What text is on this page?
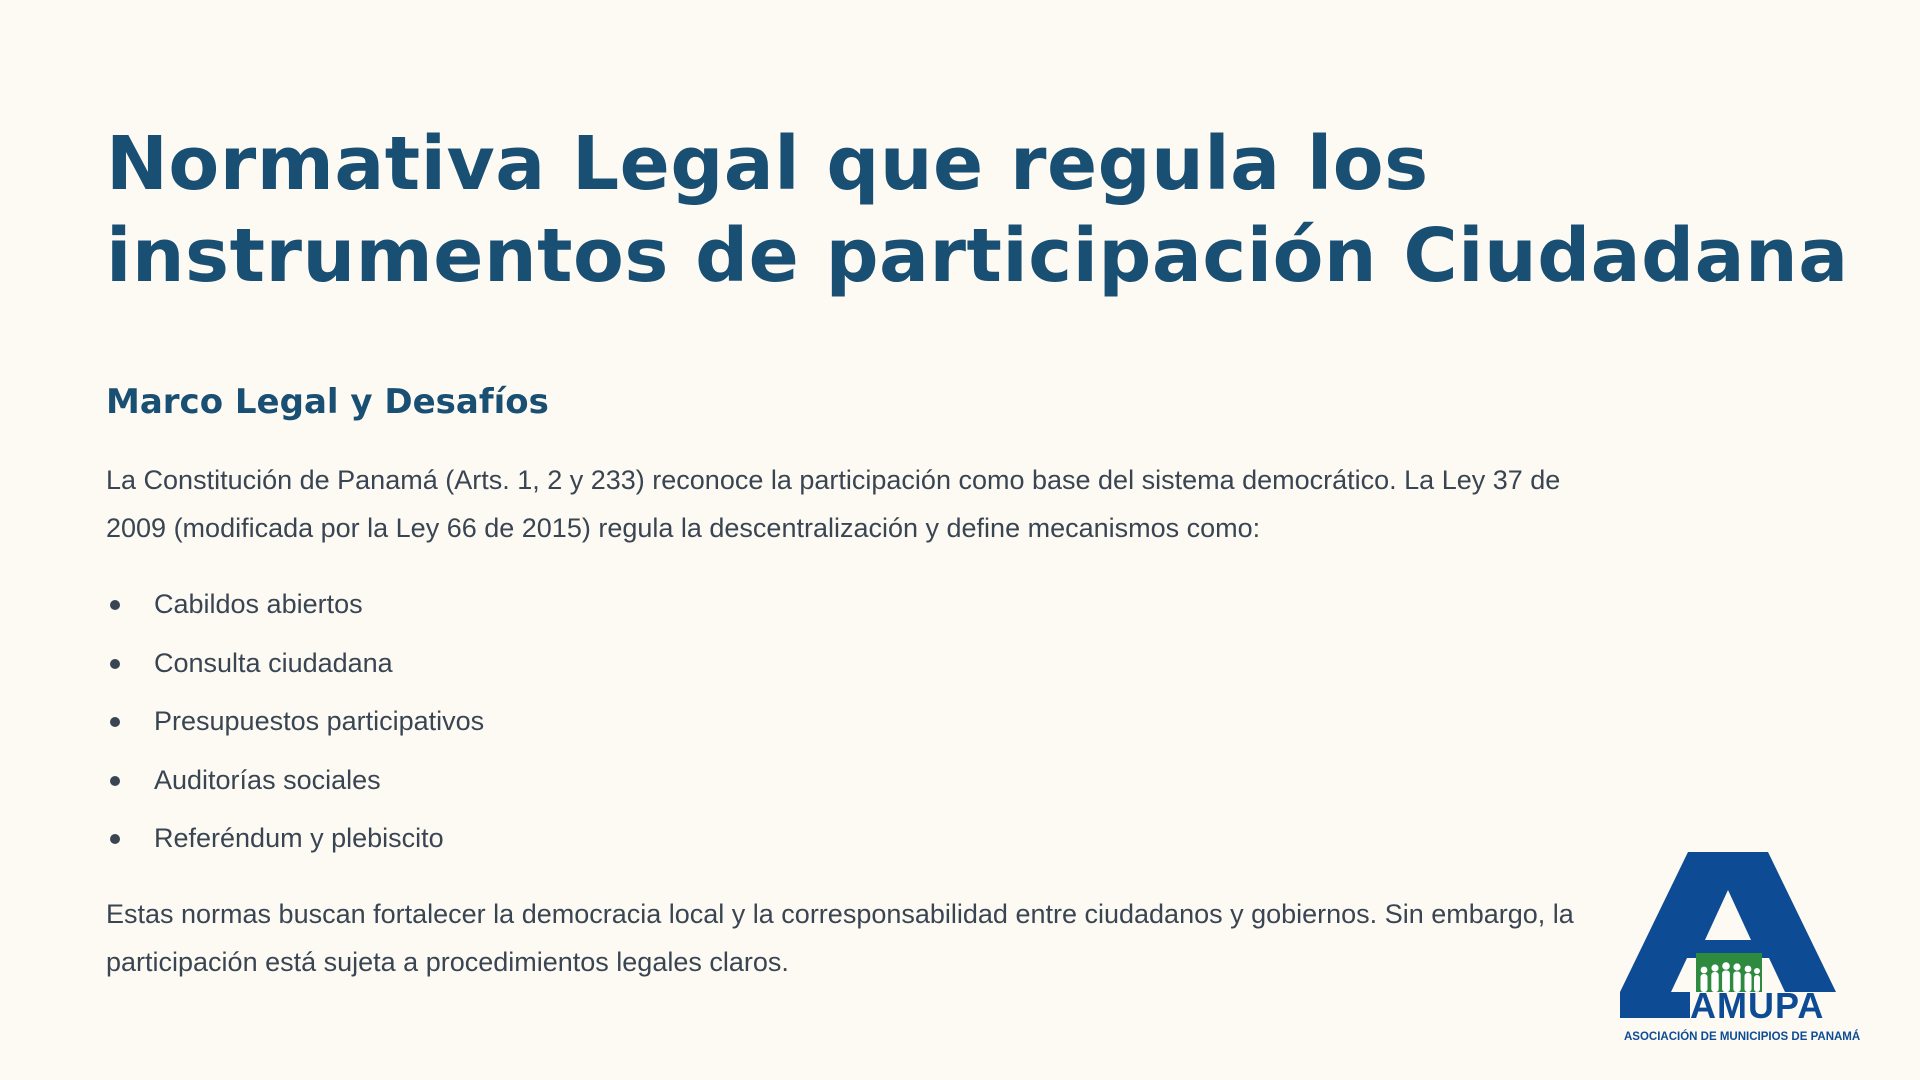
Normativa Legal que regula los instrumentos de participación Ciudadana
Marco Legal y Desafíos

La Constitución de Panamá (Arts. 1, 2 y 233) reconoce la participación como base del sistema democrático. La Ley 37 de 2009 (modificada por la Ley 66 de 2015) regula la descentralización y define mecanismos como:

Cabildos abiertos
Consulta ciudadana
Presupuestos participativos
Auditorías sociales
Referéndum y plebiscito

Estas normas buscan fortalecer la democracia local y la corresponsabilidad entre ciudadanos y gobiernos. Sin embargo, la participación está sujeta a procedimientos legales claros.

AMUPA
ASOCIACIÓN DE MUNICIPIOS DE PANAMÁ
